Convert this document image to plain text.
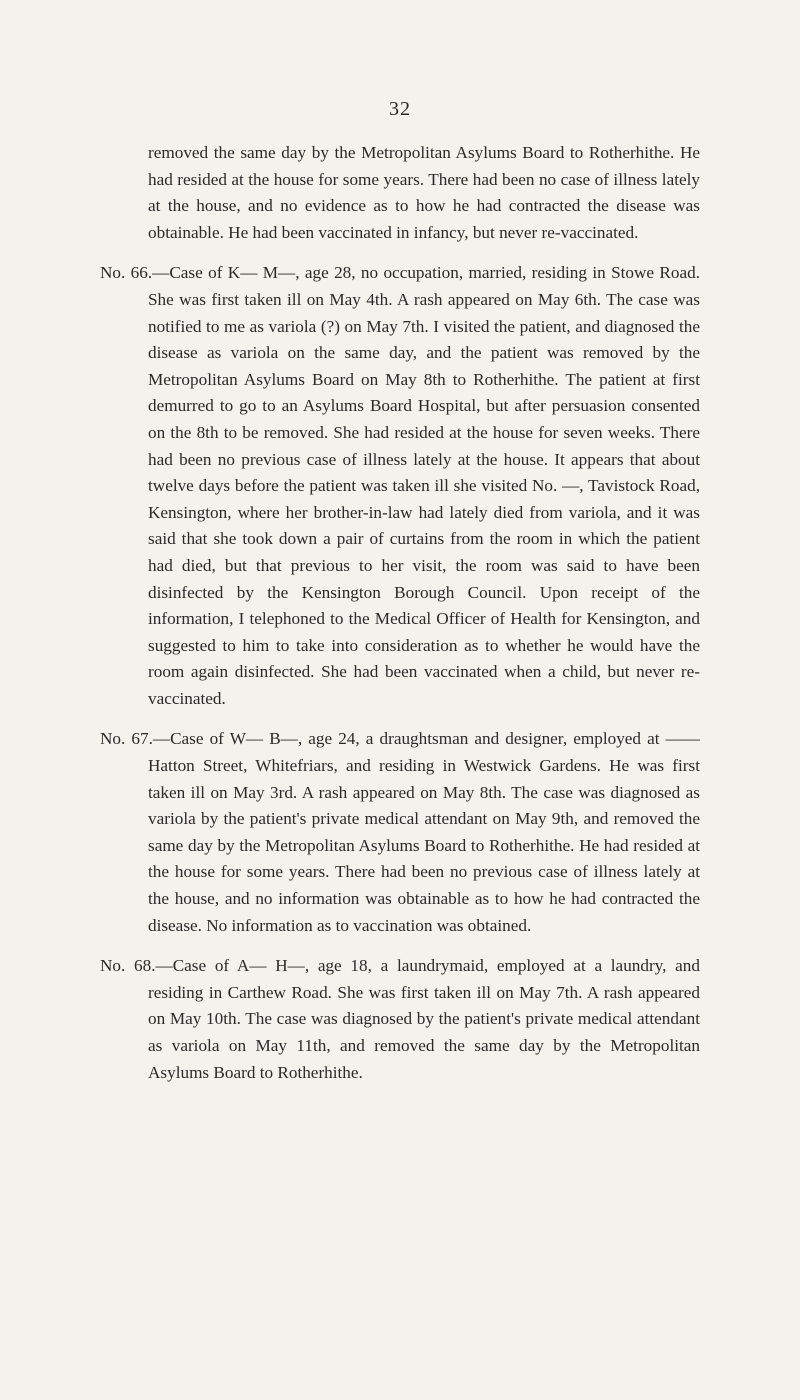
32

removed the same day by the Metropolitan Asylums Board to Rotherhithe. He had resided at the house for some years. There had been no case of illness lately at the house, and no evidence as to how he had contracted the disease was obtainable. He had been vaccinated in infancy, but never re-vaccinated.

No. 66.—Case of K— M—, age 28, no occupation, married, residing in Stowe Road. She was first taken ill on May 4th. A rash appeared on May 6th. The case was notified to me as variola (?) on May 7th. I visited the patient, and diagnosed the disease as variola on the same day, and the patient was removed by the Metropolitan Asylums Board on May 8th to Rotherhithe. The patient at first demurred to go to an Asylums Board Hospital, but after persuasion consented on the 8th to be removed. She had resided at the house for seven weeks. There had been no previous case of illness lately at the house. It appears that about twelve days before the patient was taken ill she visited No. —, Tavistock Road, Kensington, where her brother-in-law had lately died from variola, and it was said that she took down a pair of curtains from the room in which the patient had died, but that previous to her visit, the room was said to have been disinfected by the Kensington Borough Council. Upon receipt of the information, I telephoned to the Medical Officer of Health for Kensington, and suggested to him to take into consideration as to whether he would have the room again disinfected. She had been vaccinated when a child, but never re-vaccinated.

No. 67.—Case of W— B—, age 24, a draughtsman and designer, employed at —— Hatton Street, Whitefriars, and residing in Westwick Gardens. He was first taken ill on May 3rd. A rash appeared on May 8th. The case was diagnosed as variola by the patient's private medical attendant on May 9th, and removed the same day by the Metropolitan Asylums Board to Rotherhithe. He had resided at the house for some years. There had been no previous case of illness lately at the house, and no information was obtainable as to how he had contracted the disease. No information as to vaccination was obtained.

No. 68.—Case of A— H—, age 18, a laundrymaid, employed at a laundry, and residing in Carthew Road. She was first taken ill on May 7th. A rash appeared on May 10th. The case was diagnosed by the patient's private medical attendant as variola on May 11th, and removed the same day by the Metropolitan Asylums Board to Rotherhithe.
